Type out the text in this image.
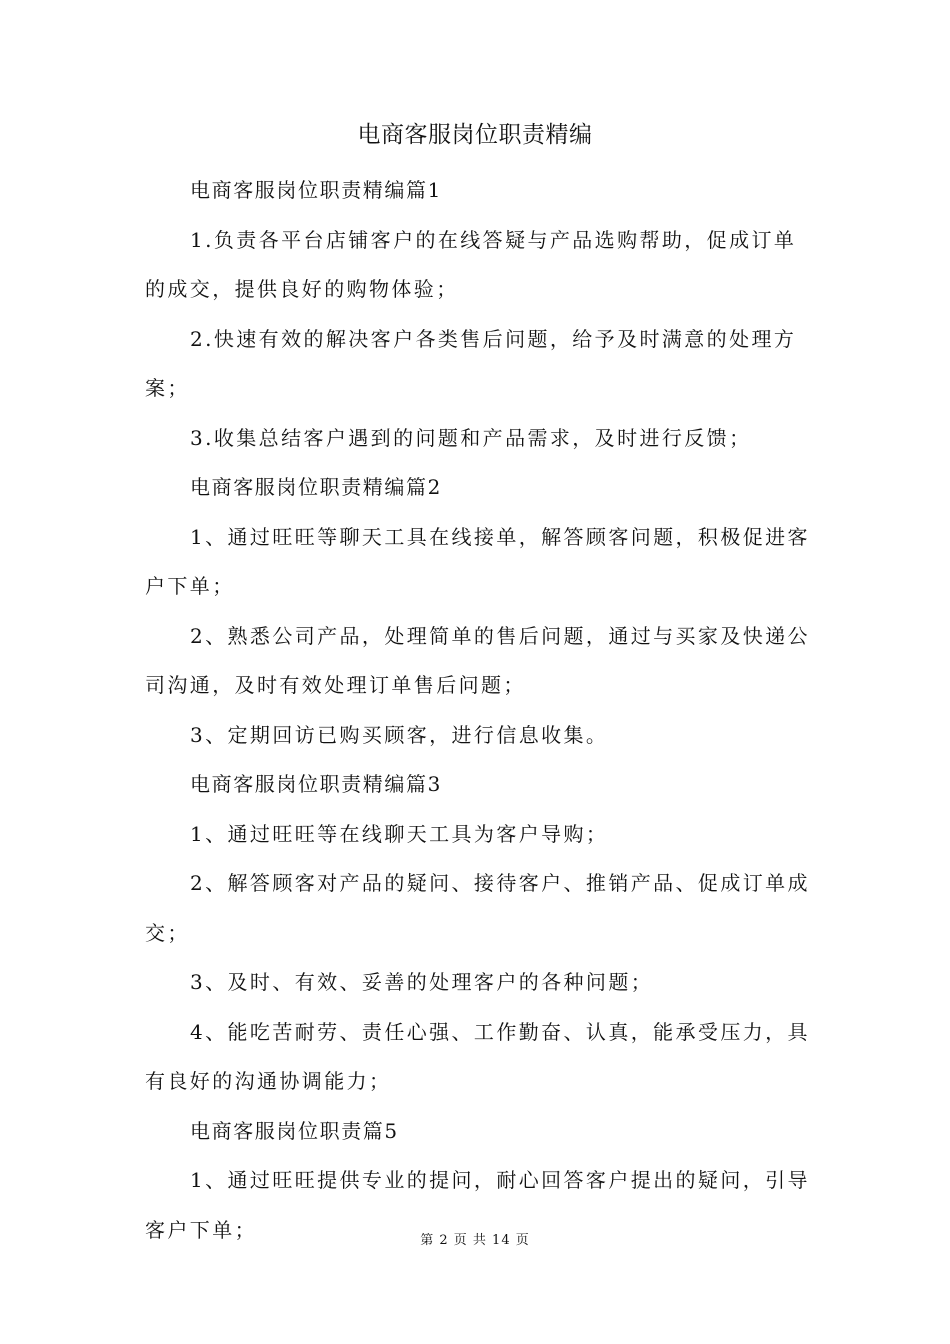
电商客服岗位职责精编

电商客服岗位职责精编篇1

1.负责各平台店铺客户的在线答疑与产品选购帮助，促成订单的成交，提供良好的购物体验；

2.快速有效的解决客户各类售后问题，给予及时满意的处理方案；

3.收集总结客户遇到的问题和产品需求，及时进行反馈；

电商客服岗位职责精编篇2

1、通过旺旺等聊天工具在线接单，解答顾客问题，积极促进客户下单；

2、熟悉公司产品，处理简单的售后问题，通过与买家及快递公司沟通，及时有效处理订单售后问题；

3、定期回访已购买顾客，进行信息收集。

电商客服岗位职责精编篇3

1、通过旺旺等在线聊天工具为客户导购；

2、解答顾客对产品的疑问、接待客户、推销产品、促成订单成交；

3、及时、有效、妥善的处理客户的各种问题；

4、能吃苦耐劳、责任心强、工作勤奋、认真，能承受压力，具有良好的沟通协调能力；

电商客服岗位职责篇5

1、通过旺旺提供专业的提问，耐心回答客户提出的疑问，引导客户下单；	第 2 页 共 14 页
